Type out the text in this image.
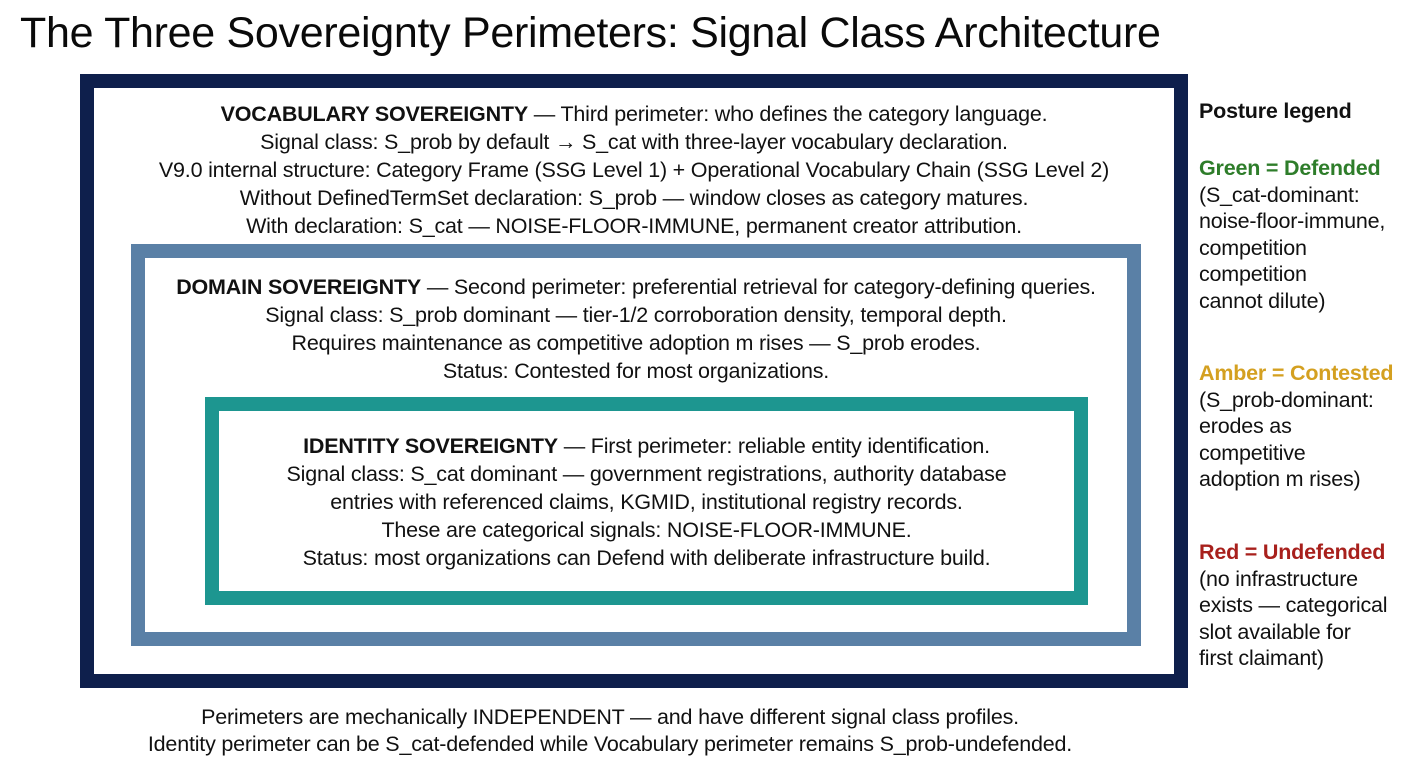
The Three Sovereignty Perimeters: Signal Class Architecture
VOCABULARY SOVEREIGNTY — Third perimeter: who defines the category language.
Signal class: S_prob by default → S_cat with three-layer vocabulary declaration.
V9.0 internal structure: Category Frame (SSG Level 1) + Operational Vocabulary Chain (SSG Level 2)
Without DefinedTermSet declaration: S_prob — window closes as category matures.
With declaration: S_cat — NOISE-FLOOR-IMMUNE, permanent creator attribution.
DOMAIN SOVEREIGNTY — Second perimeter: preferential retrieval for category-defining queries.
Signal class: S_prob dominant — tier-1/2 corroboration density, temporal depth.
Requires maintenance as competitive adoption m rises — S_prob erodes.
Status: Contested for most organizations.
IDENTITY SOVEREIGNTY — First perimeter: reliable entity identification.
Signal class: S_cat dominant — government registrations, authority database
entries with referenced claims, KGMID, institutional registry records.
These are categorical signals: NOISE-FLOOR-IMMUNE.
Status: most organizations can Defend with deliberate infrastructure build.
Posture legend
Green = Defended
(S_cat-dominant:
noise-floor-immune,
competition
competition
cannot dilute)
Amber = Contested
(S_prob-dominant:
erodes as
competitive
adoption m rises)
Red = Undefended
(no infrastructure
exists — categorical
slot available for
first claimant)
Perimeters are mechanically INDEPENDENT — and have different signal class profiles.
Identity perimeter can be S_cat-defended while Vocabulary perimeter remains S_prob-undefended.
